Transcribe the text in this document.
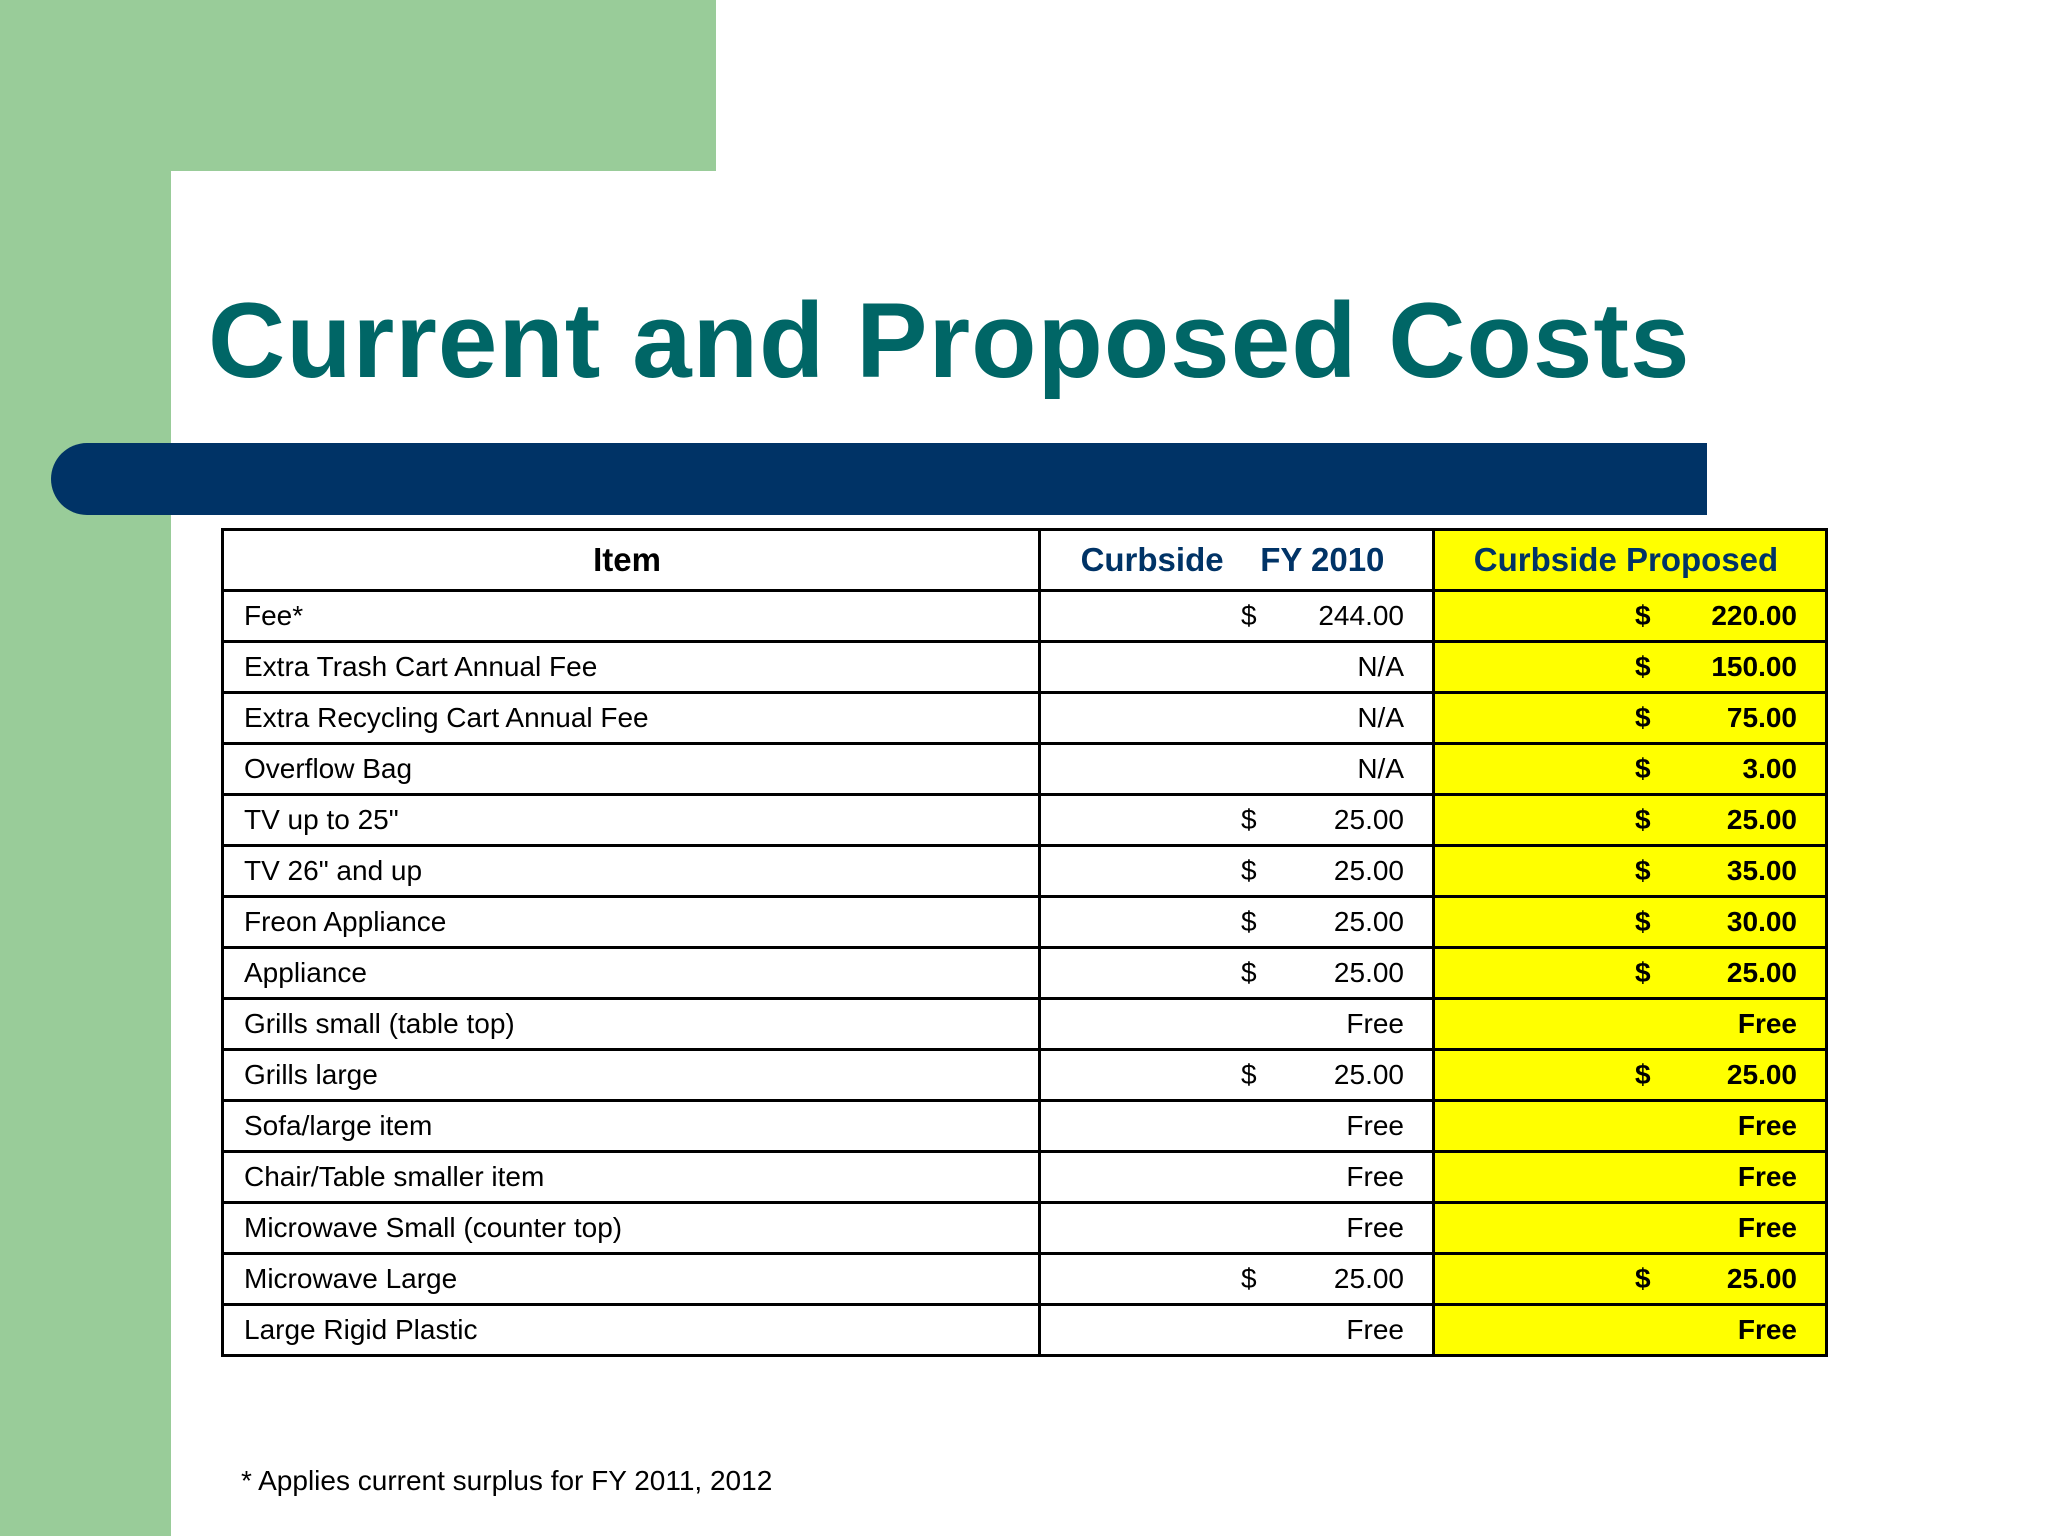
Current and Proposed Costs
Item	Curbside    FY 2010	Curbside Proposed
Fee*	$ 244.00	$ 220.00
Extra Trash Cart Annual Fee	N/A	$ 150.00
Extra Recycling Cart Annual Fee	N/A	$ 75.00
Overflow Bag	N/A	$ 3.00
TV up to 25"	$ 25.00	$ 25.00
TV 26" and up	$ 25.00	$ 35.00
Freon Appliance	$ 25.00	$ 30.00
Appliance	$ 25.00	$ 25.00
Grills small (table top)	Free	Free
Grills large	$ 25.00	$ 25.00
Sofa/large item	Free	Free
Chair/Table smaller item	Free	Free
Microwave Small (counter top)	Free	Free
Microwave Large	$ 25.00	$ 25.00
Large Rigid Plastic	Free	Free
* Applies current surplus for FY 2011, 2012
